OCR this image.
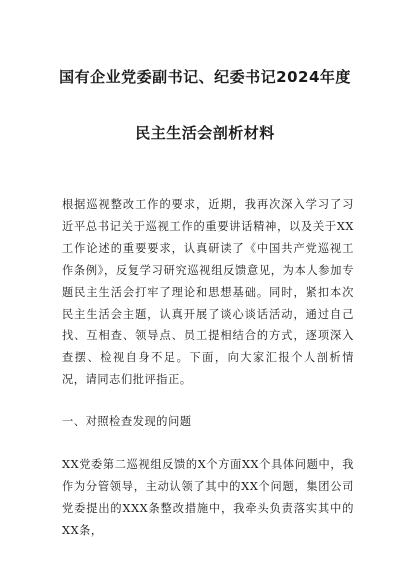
国有企业党委副书记、纪委书记2024年度
民主生活会剖析材料

根据巡视整改工作的要求，近期，我再次深入学习了习近平总书记关于巡视工作的重要讲话精神，以及关于XX工作论述的重要要求，认真研读了《中国共产党巡视工作条例》，反复学习研究巡视组反馈意见，为本人参加专题民主生活会打牢了理论和思想基础。同时，紧扣本次民主生活会主题，认真开展了谈心谈话活动，通过自己找、互相查、领导点、员工提相结合的方式，逐项深入查摆、检视自身不足。下面，向大家汇报个人剖析情况，请同志们批评指正。

一、对照检查发现的问题

XX党委第二巡视组反馈的X个方面XX个具体问题中，我作为分管领导，主动认领了其中的XX个问题，集团公司党委提出的XXX条整改措施中，我牵头负责落实其中的XX条，
